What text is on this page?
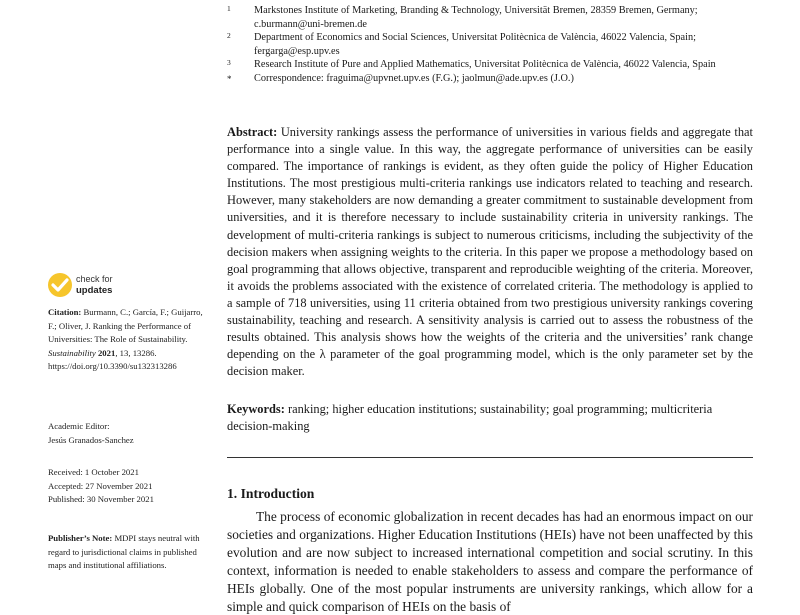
1 Markstones Institute of Marketing, Branding & Technology, Universität Bremen, 28359 Bremen, Germany; c.burmann@uni-bremen.de
2 Department of Economics and Social Sciences, Universitat Politècnica de València, 46022 Valencia, Spain; fergarga@esp.upv.es
3 Research Institute of Pure and Applied Mathematics, Universitat Politècnica de València, 46022 Valencia, Spain
* Correspondence: fraguima@upvnet.upv.es (F.G.); jaolmun@ade.upv.es (J.O.)
Abstract: University rankings assess the performance of universities in various fields and aggregate that performance into a single value. In this way, the aggregate performance of universities can be easily compared. The importance of rankings is evident, as they often guide the policy of Higher Education Institutions. The most prestigious multi-criteria rankings use indicators related to teaching and research. However, many stakeholders are now demanding a greater commitment to sustainable development from universities, and it is therefore necessary to include sustainability criteria in university rankings. The development of multi-criteria rankings is subject to numerous criticisms, including the subjectivity of the decision makers when assigning weights to the criteria. In this paper we propose a methodology based on goal programming that allows objective, transparent and reproducible weighting of the criteria. Moreover, it avoids the problems associated with the existence of correlated criteria. The methodology is applied to a sample of 718 universities, using 11 criteria obtained from two prestigious university rankings covering sustainability, teaching and research. A sensitivity analysis is carried out to assess the robustness of the results obtained. This analysis shows how the weights of the criteria and the universities’ rank change depending on the λ parameter of the goal programming model, which is the only parameter set by the decision maker.
Keywords: ranking; higher education institutions; sustainability; goal programming; multicriteria decision-making
1. Introduction
The process of economic globalization in recent decades has had an enormous impact on our societies and organizations. Higher Education Institutions (HEIs) have not been unaffected by this evolution and are now subject to increased international competition and social scrutiny. In this context, information is needed to enable stakeholders to assess and compare the performance of HEIs globally. One of the most popular instruments are university rankings, which allow for a simple and quick comparison of HEIs on the basis of
check for
updates
Citation: Burmann, C.; García, F.; Guijarro, F.; Oliver, J. Ranking the Performance of Universities: The Role of Sustainability. Sustainability 2021, 13, 13286. https://doi.org/10.3390/su132313286
Academic Editor:
Jesús Granados-Sanchez
Received: 1 October 2021
Accepted: 27 November 2021
Published: 30 November 2021
Publisher’s Note: MDPI stays neutral with regard to jurisdictional claims in published maps and institutional affiliations.
